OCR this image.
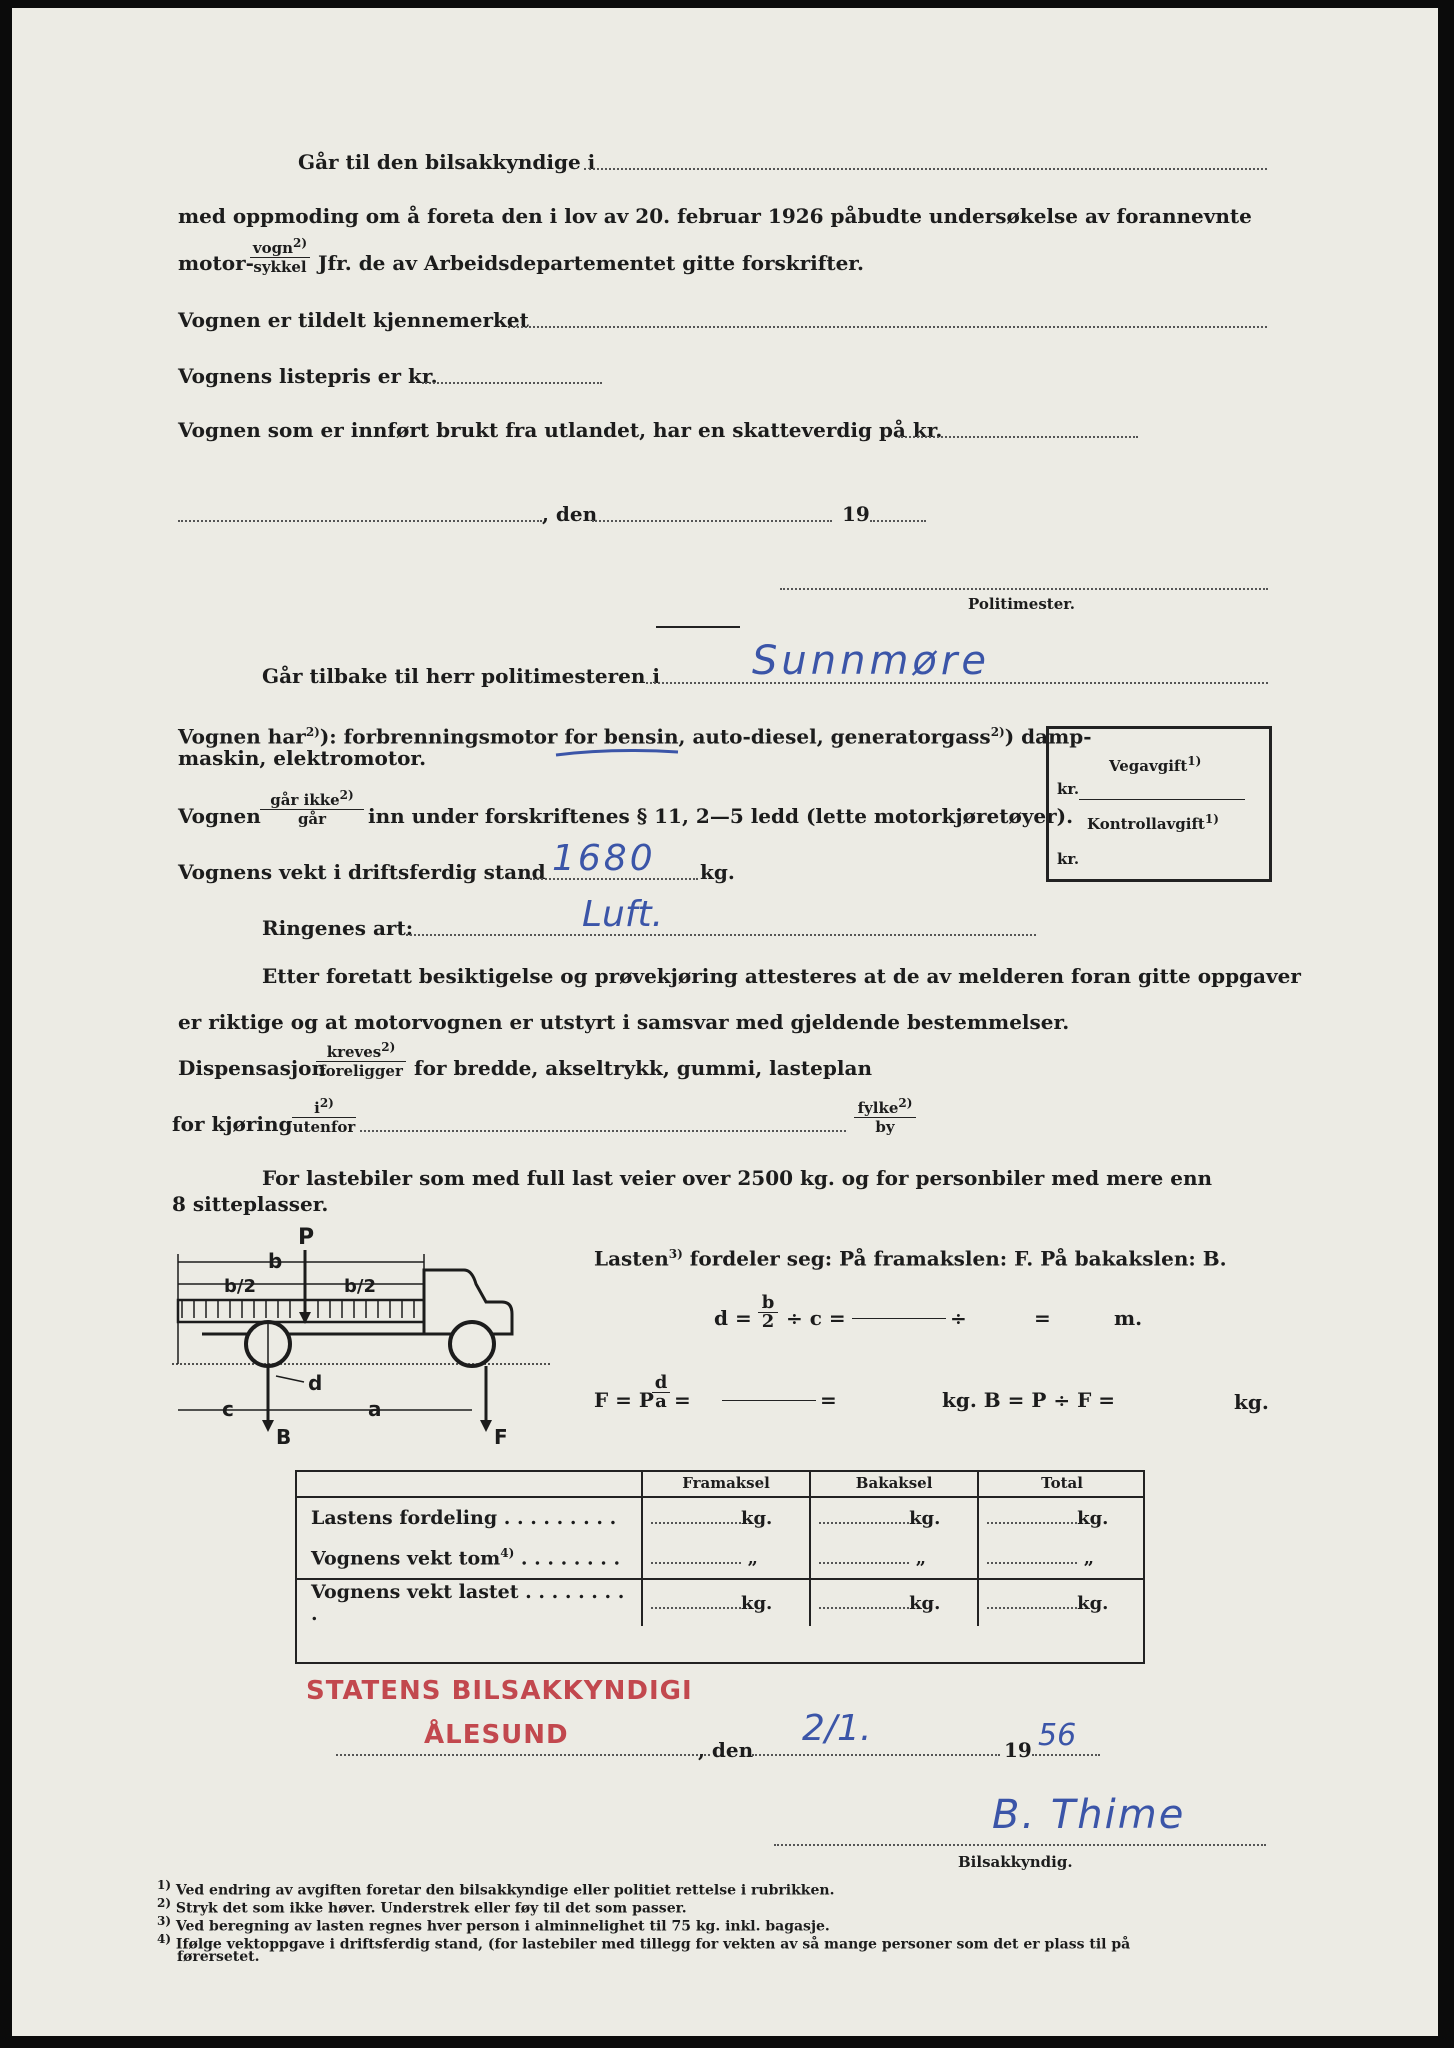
Går til den bilsakkyndige i
med oppmoding om å foreta den i lov av 20. februar 1926 påbudte undersøkelse av forannevnte
motor-
vogn$^{2)}$
sykkel Jfr. de av Arbeidsdepartementet gitte forskrifter.
Vognen er tildelt kjennemerket
Vognens listepris er kr.
Vognen som er innført brukt fra utlandet, har en skatteverdig på kr.
, den	19
Politimester.
Går tilbake til herr politimesteren i Sunnmøre
Vognen har$^{2)}$): forbrenningsmotor for bensin, auto-diesel, generatorgass$^{2)}$) damp-
maskin, elektromotor.
Vognen
går ikke$^{2)}$
går	inn under forskriftenes § 11, 2—5 ledd (lette motorkjøretøyer).
Vognens vekt i driftsferdig stand 1680 kg.
Ringenes art:	Luft.
Vegavgift$^{1)}$
kr.
Kontrollavgift$^{1)}$
kr.
Etter foretatt besiktigelse og prøvekjøring attesteres at de av melderen foran gitte oppgaver
er riktige og at motorvognen er utstyrt i samsvar med gjeldende bestemmelser.
Dispensasjon
kreves$^{2)}$
foreligger for bredde, akseltrykk, gummi, lasteplan
for kjøring
$i^{2)}$
utenfor
fylke$^{2)}$
by
For lastebiler som med full last veier over 2500 kg. og for personbiler med mere enn
8 sitteplasser.
P
b
b/2	b/2
d
c	a
B	F
Lasten$^{3)}$ fordeler seg: På framakslen: F. På bakakslen: B.
$d = \frac{b}{2} \div c$ =	÷	=	m.
F = P
$\frac{d}{a}$ =	=	kg. B = P ÷ F =	kg.
	Framaksel	Bakaksel	Total
Lastens fordeling . . . . . . . . .	kg.	kg.	kg.
Vognens vekt tom$^{4)}$ . . . . . . . .	„	„	„
Vognens vekt lastet . . . . . . . . .	kg.	kg.	kg.
STATENS BILSAKKYNDIGI
ÅLESUND	, den
2/1.
19 56
B. Thime
Bilsakkyndig.
1) Ved endring av avgiften foretar den bilsakkyndige eller politiet rettelse i rubrikken.
2) Stryk det som ikke høver. Understrek eller føy til det som passer.
3) Ved beregning av lasten regnes hver person i alminnelighet til 75 kg. inkl. bagasje.
4) Ifølge vektoppgave i driftsferdig stand, (for lastebiler med tillegg for vekten av så mange personer som det er plass til på
førersetet.
